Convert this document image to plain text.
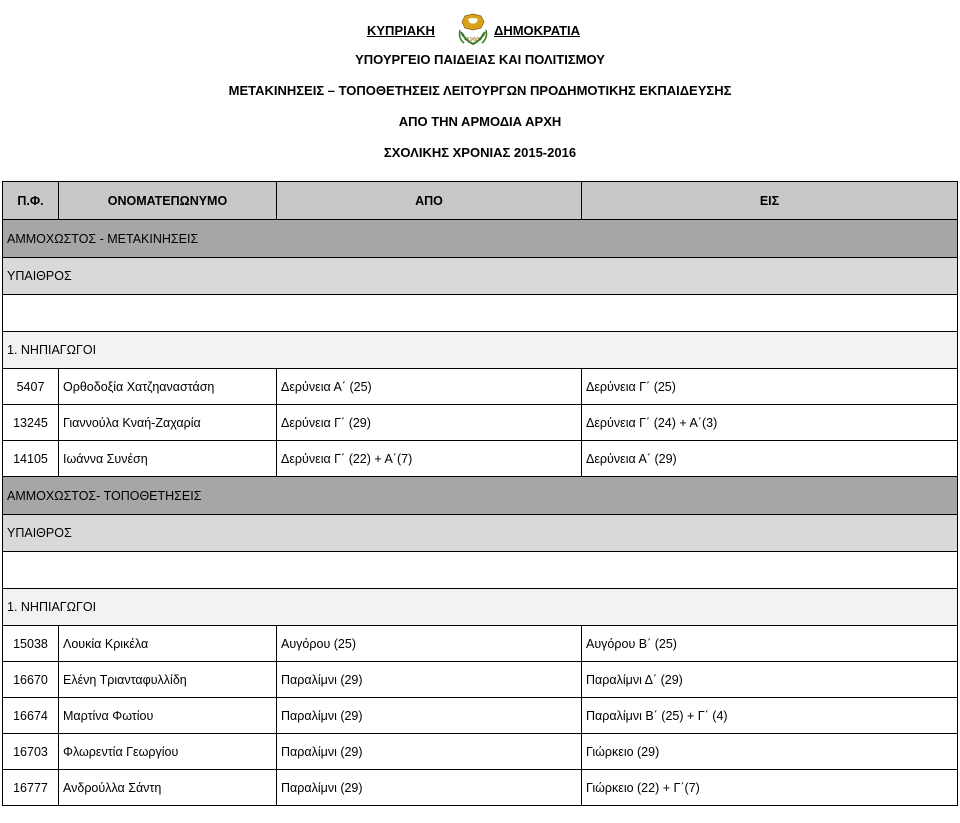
ΚΥΠΡΙΑΚΗ
1960
ΔΗΜΟΚΡΑΤΙΑ
ΥΠΟΥΡΓΕΙΟ ΠΑΙΔΕΙΑΣ ΚΑΙ ΠΟΛΙΤΙΣΜΟΥ
ΜΕΤΑΚΙΝΗΣΕΙΣ – ΤΟΠΟΘΕΤΗΣΕΙΣ ΛΕΙΤΟΥΡΓΩΝ ΠΡΟΔΗΜΟΤΙΚΗΣ ΕΚΠΑΙΔΕΥΣΗΣ
ΑΠΟ ΤΗΝ ΑΡΜΟΔΙΑ ΑΡΧΗ
ΣΧΟΛΙΚΗΣ ΧΡΟΝΙΑΣ 2015-2016
Π.Φ.	ΟΝΟΜΑΤΕΠΩΝΥΜΟ	ΑΠΟ	ΕΙΣ
ΑΜΜΟΧΩΣΤΟΣ - ΜΕΤΑΚΙΝΗΣΕΙΣ			
ΥΠΑΙΘΡΟΣ			

1. ΝΗΠΙΑΓΩΓΟΙ			
5407	Ορθοδοξία Χατζηαναστάση	Δερύνεια Α΄ (25)	Δερύνεια Γ΄ (25)
13245	Γιαννούλα Κναή-Ζαχαρία	Δερύνεια Γ΄ (29)	Δερύνεια Γ΄ (24) + Α΄(3)
14105	Ιωάννα Συνέση	Δερύνεια Γ΄ (22) + Α΄(7)	Δερύνεια Α΄ (29)
ΑΜΜΟΧΩΣΤΟΣ- ΤΟΠΟΘΕΤΗΣΕΙΣ			
ΥΠΑΙΘΡΟΣ			

1. ΝΗΠΙΑΓΩΓΟΙ			
15038	Λουκία Κρικέλα	Αυγόρου (25)	Αυγόρου Β΄ (25)
16670	Ελένη Τριανταφυλλίδη	Παραλίμνι (29)	Παραλίμνι Δ΄ (29)
16674	Μαρτίνα Φωτίου	Παραλίμνι (29)	Παραλίμνι Β΄ (25) + Γ΄ (4)
16703	Φλωρεντία Γεωργίου	Παραλίμνι (29)	Γιώρκειο (29)
16777	Ανδρούλλα Σάντη	Παραλίμνι (29)	Γιώρκειο (22) + Γ΄(7)
